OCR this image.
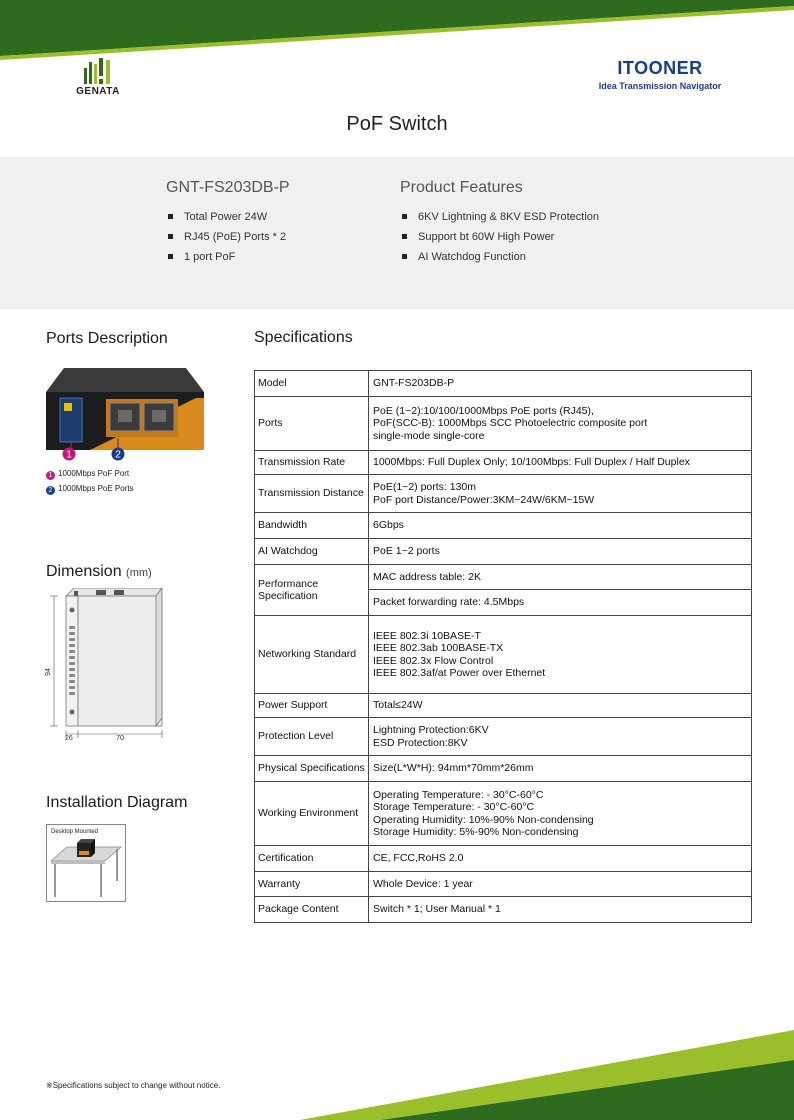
GENATA
ITOONER
Idea Transmission Navigator
PoF Switch
GNT-FS203DB-P	Product Features
Total Power 24W
RJ45 (PoE) Ports * 2
1 port PoF
6KV Lightning & 8KV ESD Protection
Support bt 60W High Power
AI Watchdog Function
Ports Description	Specifications
Dimension (mm)
Installation Diagram
1	2
1 1000Mbps PoF Port
2 1000Mbps PoE Ports
94
26	70
Desktop Mounted
Model	GNT-FS203DB-P

Ports	PoE (1~2):10/100/1000Mbps PoE ports (RJ45),
PoF(SCC-B): 1000Mbps SCC Photoelectric composite port
single-mode single-core

Transmission Rate	1000Mbps: Full Duplex Only; 10/100Mbps: Full Duplex / Half Duplex

Transmission Distance	PoE(1~2) ports: 130m
PoF port Distance/Power:3KM~24W/6KM~15W

Bandwidth	6Gbps

AI Watchdog	PoE 1~2 ports

Performance Specification	MAC address table: 2K

	Packet forwarding rate: 4.5Mbps

Networking Standard	IEEE 802.3i 10BASE-T
IEEE 802.3ab 100BASE-TX
IEEE 802.3x Flow Control
IEEE 802.3af/at Power over Ethernet

Power Support	Total≤24W

Protection Level	Lightning Protection:6KV
ESD Protection:8KV

Physical Specifications	Size(L*W*H): 94mm*70mm*26mm

Working Environment	Operating Temperature: - 30°C-60°C
Storage Temperature: - 30°C-60°C
Operating Humidity: 10%-90% Non-condensing
Storage Humidity: 5%-90% Non-condensing

Certification	CE, FCC,RoHS 2.0

Warranty	Whole Device: 1 year

Package Content	Switch * 1; User Manual * 1
※Specifications subject to change without notice.
